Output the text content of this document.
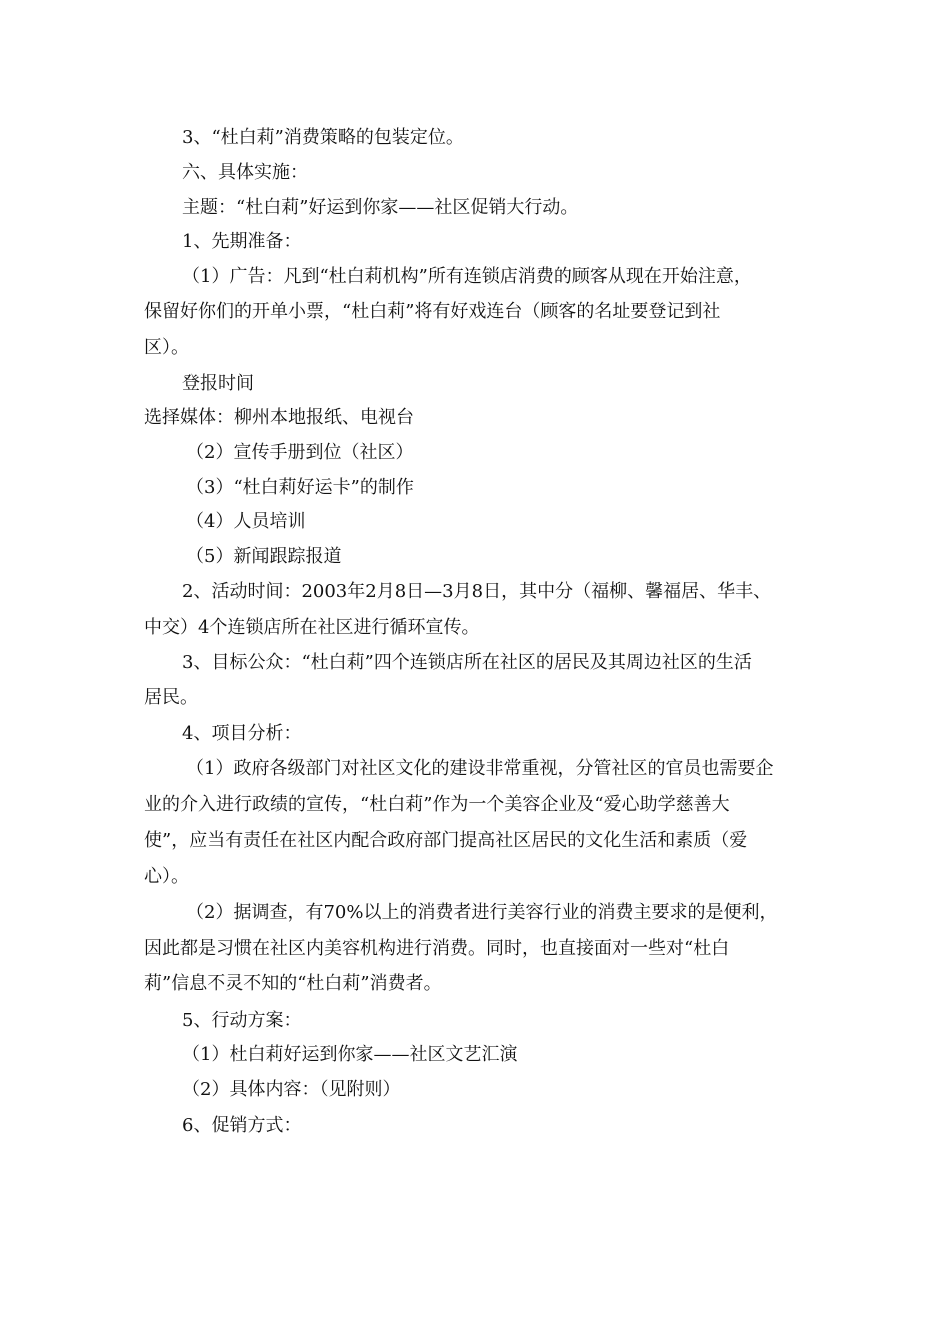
3、“杜白莉”消费策略的包装定位。
六、具体实施：
主题：“杜白莉”好运到你家——社区促销大行动。
1、先期准备：
（1）广告：凡到“杜白莉机构”所有连锁店消费的顾客从现在开始注意，
保留好你们的开单小票，“杜白莉”将有好戏连台（顾客的名址要登记到社
区）。
登报时间
选择媒体：柳州本地报纸、电视台
（2）宣传手册到位（社区）
（3）“杜白莉好运卡”的制作
（4）人员培训
（5）新闻跟踪报道
2、活动时间：2003年2月8日—3月8日，其中分（福柳、馨福居、华丰、
中交）4个连锁店所在社区进行循环宣传。
3、目标公众：“杜白莉”四个连锁店所在社区的居民及其周边社区的生活
居民。
4、项目分析：
（1）政府各级部门对社区文化的建设非常重视，分管社区的官员也需要企
业的介入进行政绩的宣传，“杜白莉”作为一个美容企业及“爱心助学慈善大
使”，应当有责任在社区内配合政府部门提高社区居民的文化生活和素质（爱
心）。
（2）据调查，有70%以上的消费者进行美容行业的消费主要求的是便利，
因此都是习惯在社区内美容机构进行消费。同时，也直接面对一些对“杜白
莉”信息不灵不知的“杜白莉”消费者。
5、行动方案：
（1）杜白莉好运到你家——社区文艺汇演
（2）具体内容：（见附则）
6、促销方式：
